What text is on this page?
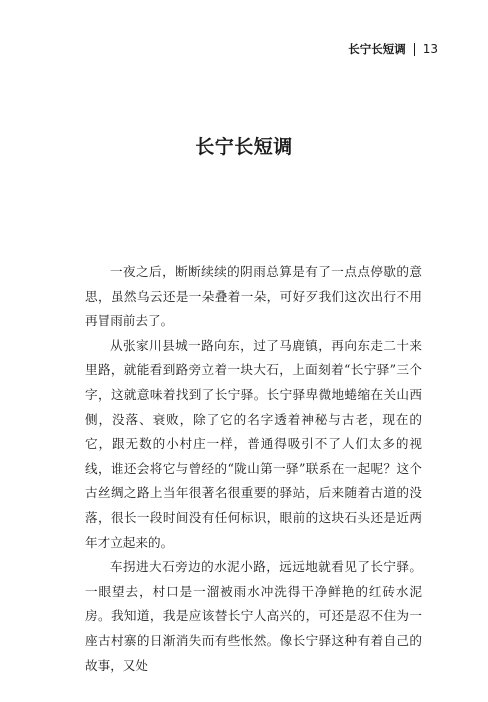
长宁长短调 13
长宁长短调

一夜之后，断断续续的阴雨总算是有了一点点停歇的意思，虽然乌云还是一朵叠着一朵，可好歹我们这次出行不用再冒雨前去了。

从张家川县城一路向东，过了马鹿镇，再向东走二十来里路，就能看到路旁立着一块大石，上面刻着“长宁驿”三个字，这就意味着找到了长宁驿。长宁驿卑微地蜷缩在关山西侧，没落、衰败，除了它的名字透着神秘与古老，现在的它，跟无数的小村庄一样，普通得吸引不了人们太多的视线，谁还会将它与曾经的“陇山第一驿”联系在一起呢？这个古丝绸之路上当年很著名很重要的驿站，后来随着古道的没落，很长一段时间没有任何标识，眼前的这块石头还是近两年才立起来的。

车拐进大石旁边的水泥小路，远远地就看见了长宁驿。一眼望去，村口是一溜被雨水冲洗得干净鲜艳的红砖水泥房。我知道，我是应该替长宁人高兴的，可还是忍不住为一座古村寨的日渐消失而有些怅然。像长宁驿这种有着自己的故事，又处
